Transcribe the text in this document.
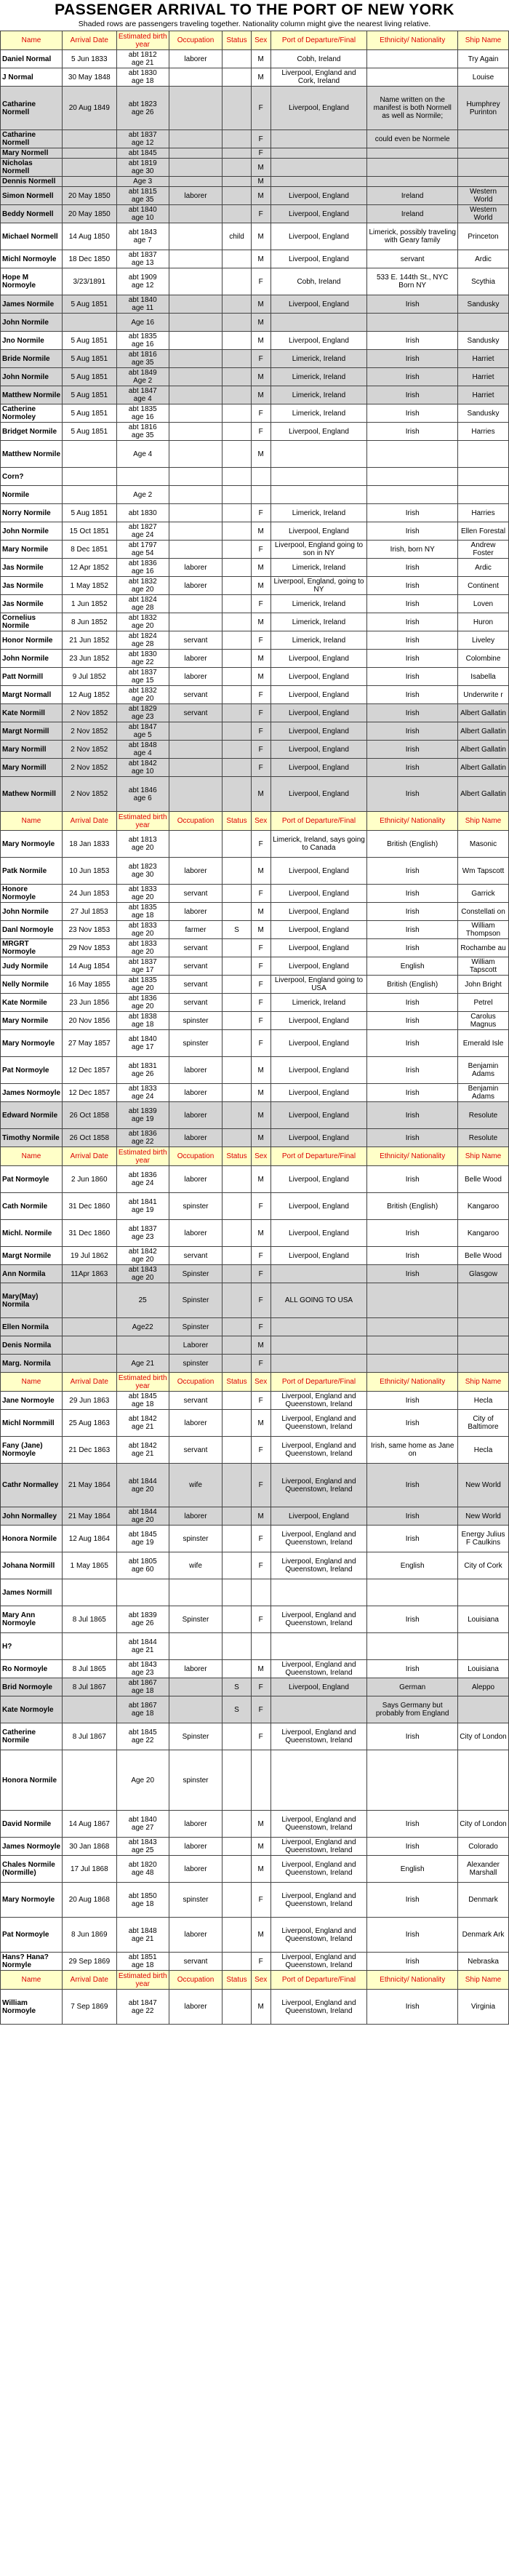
PASSENGER ARRIVAL TO THE PORT OF NEW YORK
Shaded rows are passengers traveling together. Nationality column might give the nearest living relative.
Name	Arrival Date	Estimated birth year	Occupation	Status	Sex	Port of Departure/Final	Ethnicity/ Nationality	Ship Name
Daniel Normal	5 Jun 1833	abt 1812
age 21	laborer		M	Cobh, Ireland		Try Again
J Normal	30 May 1848	abt 1830
age 18			M	Liverpool, England and Cork, Ireland		Louise
Catharine Normell	20 Aug 1849	abt 1823
age 26			F	Liverpool, England	Name written on the manifest is both Normell as well as Normile;	Humphrey Purinton
Catharine Normell		abt 1837
age 12			F		could even be Normele	
Mary Normell		abt 1845			F			
Nicholas Normell		abt 1819
age 30			M			
Dennis Normell		Age 3			M			
Simon Normell	20 May 1850	abt 1815
age 35	laborer		M	Liverpool, England	Ireland	Western World
Beddy Normell	20 May 1850	abt 1840
age 10			F	Liverpool, England	Ireland	Western World
Michael Normell	14 Aug 1850	abt 1843
age 7		child	M	Liverpool, England	Limerick, possibly traveling with Geary family	Princeton
Michl Normoyle	18 Dec 1850	abt 1837
age 13			M	Liverpool, England	servant	Ardic
Hope M Normoyle	3/23/1891	abt 1909
age 12			F	Cobh, Ireland	533 E. 144th St., NYC
Born NY	Scythia
James Normile	5 Aug 1851	abt 1840
age 11			M	Liverpool, England	Irish	Sandusky
John Normile		Age 16			M			
Jno Normile	5 Aug 1851	abt 1835
age 16			M	Liverpool, England	Irish	Sandusky
Bride Normile	5 Aug 1851	abt 1816
age 35			F	Limerick, Ireland	Irish	Harriet
John Normile	5 Aug 1851	abt 1849
Age 2			M	Limerick, Ireland	Irish	Harriet
Matthew Normile	5 Aug 1851	abt 1847
age 4			M	Limerick, Ireland	Irish	Harriet
Catherine Normoley	5 Aug 1851	abt 1835
age 16			F	Limerick, Ireland	Irish	Sandusky
Bridget Normile	5 Aug 1851	abt 1816
age 35			F	Liverpool, England	Irish	Harries
Matthew Normile		Age 4			M			
Corn?								
Normile		Age 2						
Norry Normile	5 Aug 1851	abt 1830			F	Limerick, Ireland	Irish	Harries
John Normile	15 Oct 1851	abt 1827
age 24			M	Liverpool, England	Irish	Ellen Forestal
Mary Normile	8 Dec 1851	abt 1797
age 54			F	Liverpool, England going to son in NY	Irish, born NY	Andrew Foster
Jas Normile	12 Apr 1852	abt 1836
age 16	laborer		M	Limerick, Ireland	Irish	Ardic
Jas Normile	1 May 1852	abt 1832
age 20	laborer		M	Liverpool, England, going to NY	Irish	Continent
Jas Normile	1 Jun 1852	abt 1824
age 28			F	Limerick, Ireland	Irish	Loven
Cornelius Normile	8 Jun 1852	abt 1832
age 20			M	Limerick, Ireland	Irish	Huron
Honor Normile	21 Jun 1852	abt 1824
age 28	servant		F	Limerick, Ireland	Irish	Liveley
John Normile	23 Jun 1852	abt 1830
age 22	laborer		M	Liverpool, England	Irish	Colombine
Patt Normill	9 Jul 1852	abt 1837
age 15	laborer		M	Liverpool, England	Irish	Isabella
Margt Normall	12 Aug 1852	abt 1832
age 20	servant		F	Liverpool, England	Irish	Underwrite r
Kate Normill	2 Nov 1852	abt 1829
age 23	servant		F	Liverpool, England	Irish	Albert Gallatin
Margt Normill	2 Nov 1852	abt 1847
age 5			F	Liverpool, England	Irish	Albert Gallatin
Mary Normill	2 Nov 1852	abt 1848
age 4			F	Liverpool, England	Irish	Albert Gallatin
Mary Normill	2 Nov 1852	abt 1842
age 10			F	Liverpool, England	Irish	Albert Gallatin
Mathew Normill	2 Nov 1852	abt 1846
age 6			M	Liverpool, England	Irish	Albert Gallatin
Name	Arrival Date	Estimated birth year	Occupation	Status	Sex	Port of Departure/Final	Ethnicity/ Nationality	Ship Name
Mary Normoyle	18 Jan 1833	abt 1813
age 20			F	Limerick, Ireland, says going to Canada	British (English)	Masonic
Patk Normile	10 Jun 1853	abt 1823
age 30	laborer		M	Liverpool, England	Irish	Wm Tapscott
Honore Normoyle	24 Jun 1853	abt 1833
age 20	servant		F	Liverpool, England	Irish	Garrick
John Normile	27 Jul 1853	abt 1835
age 18	laborer		M	Liverpool, England	Irish	Constellati on
Danl Normoyle	23 Nov 1853	abt 1833
age 20	farmer	S	M	Liverpool, England	Irish	William Thompson
MRGRT Normoyle	29 Nov 1853	abt 1833
age 20	servant		F	Liverpool, England	Irish	Rochambe au
Judy Normile	14 Aug 1854	abt 1837
age 17	servant		F	Liverpool, England	English	William Tapscott
Nelly Normile	16 May 1855	abt 1835
age 20	servant		F	Liverpool, England going to USA	British (English)	John Bright
Kate Normile	23 Jun 1856	abt 1836
age 20	servant		F	Limerick, Ireland	Irish	Petrel
Mary Normile	20 Nov 1856	abt 1838
age 18	spinster		F	Liverpool, England	Irish	Carolus Magnus
Mary Normoyle	27 May 1857	abt 1840
age 17	spinster		F	Liverpool, England	Irish	Emerald Isle
Pat Normoyle	12 Dec 1857	abt 1831
age 26	laborer		M	Liverpool, England	Irish	Benjamin Adams
James Normoyle	12 Dec 1857	abt 1833
age 24	laborer		M	Liverpool, England	Irish	Benjamin Adams
Edward Normile	26 Oct 1858	abt 1839
age 19	laborer		M	Liverpool, England	Irish	Resolute
Timothy Normile	26 Oct 1858	abt 1836
age 22	laborer		M	Liverpool, England	Irish	Resolute
Name	Arrival Date	Estimated birth year	Occupation	Status	Sex	Port of Departure/Final	Ethnicity/ Nationality	Ship Name
Pat Normoyle	2 Jun 1860	abt 1836
age 24	laborer		M	Liverpool, England	Irish	Belle Wood
Cath Normile	31 Dec 1860	abt 1841
age 19	spinster		F	Liverpool, England	British (English)	Kangaroo
Michl. Normile	31 Dec 1860	abt 1837
age 23	laborer		M	Liverpool, England	Irish	Kangaroo
Margt Normile	19 Jul 1862	abt 1842
age 20	servant		F	Liverpool, England	Irish	Belle Wood
Ann Normila	11Apr 1863	abt 1843
age 20	Spinster		F		Irish	Glasgow
Mary(May) Normila		25	Spinster		F	ALL GOING TO USA		
Ellen Normila		Age22	Spinster		F			
Denis Normila			Laborer		M			
Marg. Normila		Age 21	spinster		F			
Name	Arrival Date	Estimated birth year	Occupation	Status	Sex	Port of Departure/Final	Ethnicity/ Nationality	Ship Name
Jane Normoyle	29 Jun 1863	abt 1845
age 18	servant		F	Liverpool, England and Queenstown, Ireland	Irish	Hecla
Michl Normmill	25 Aug 1863	abt 1842
age 21	laborer		M	Liverpool, England and Queenstown, Ireland	Irish	City of Baltimore
Fany (Jane) Normoyle	21 Dec 1863	abt 1842
age 21	servant		F	Liverpool, England and Queenstown, Ireland	Irish, same home as Jane on	Hecla
Cathr Normalley	21 May 1864	abt 1844
age 20	wife		F	Liverpool, England and Queenstown, Ireland	Irish	New World
John Normalley	21 May 1864	abt 1844
age 20	laborer		M	Liverpool, England	Irish	New World
Honora Normile	12 Aug 1864	abt 1845
age 19	spinster		F	Liverpool, England and Queenstown, Ireland	Irish	Energy Julius F Caulkins
Johana Normill	1 May 1865	abt 1805
age 60	wife		F	Liverpool, England and Queenstown, Ireland	English	City of Cork
James Normill								
Mary Ann Normoyle	8 Jul 1865	abt 1839
age 26	Spinster		F	Liverpool, England and Queenstown, Ireland	Irish	Louisiana
H?		abt 1844
age 21						
Ro Normoyle	8 Jul 1865	abt 1843
age 23	laborer		M	Liverpool, England and Queenstown, Ireland	Irish	Louisiana
Brid Normoyle	8 Jul 1867	abt 1867
age 18		S	F	Liverpool, England	German	Aleppo
Kate Normoyle		abt 1867
age 18		S	F		Says Germany but probably from England	
Catherine Normile	8 Jul 1867	abt 1845
age 22	Spinster		F	Liverpool, England and Queenstown, Ireland	Irish	City of London
Honora Normile		Age 20	spinster					
David Normile	14 Aug 1867	abt 1840
age 27	laborer		M	Liverpool, England and Queenstown, Ireland	Irish	City of London
James Normoyle	30 Jan 1868	abt 1843
age 25	laborer		M	Liverpool, England and Queenstown, Ireland	Irish	Colorado
Chales Normile (Normille)	17 Jul 1868	abt 1820
age 48	laborer		M	Liverpool, England and Queenstown, Ireland	English	Alexander Marshall
Mary Normoyle	20 Aug 1868	abt 1850
age 18	spinster		F	Liverpool, England and Queenstown, Ireland	Irish	Denmark
Pat Normoyle	8 Jun 1869	abt 1848
age 21	laborer		M	Liverpool, England and Queenstown, Ireland	Irish	Denmark Ark
Hans? Hana? Normyle	29 Sep 1869	abt 1851
age 18	servant		F	Liverpool, England and Queenstown, Ireland	Irish	Nebraska
Name	Arrival Date	Estimated birth year	Occupation	Status	Sex	Port of Departure/Final	Ethnicity/ Nationality	Ship Name
William Normoyle	7 Sep 1869	abt 1847
age 22	laborer		M	Liverpool, England and Queenstown, Ireland	Irish	Virginia
